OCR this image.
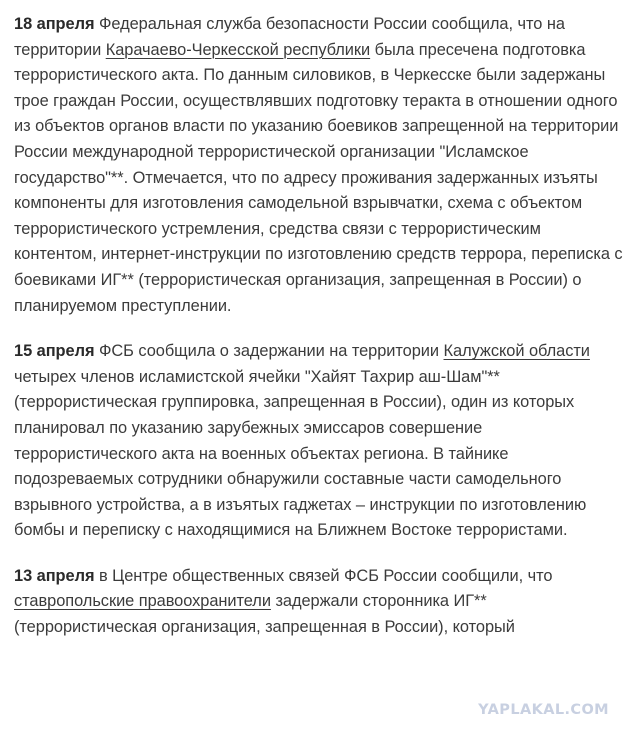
18 апреля Федеральная служба безопасности России сообщила, что на территории Карачаево-Черкесской республики была пресечена подготовка террористического акта. По данным силовиков, в Черкесске были задержаны трое граждан России, осуществлявших подготовку теракта в отношении одного из объектов органов власти по указанию боевиков запрещенной на территории России международной террористической организации "Исламское государство"**. Отмечается, что по адресу проживания задержанных изъяты компоненты для изготовления самодельной взрывчатки, схема с объектом террористического устремления, средства связи с террористическим контентом, интернет-инструкции по изготовлению средств террора, переписка с боевиками ИГ** (террористическая организация, запрещенная в России) о планируемом преступлении.

15 апреля ФСБ сообщила о задержании на территории Калужской области четырех членов исламистской ячейки "Хайят Тахрир аш-Шам"** (террористическая группировка, запрещенная в России), один из которых планировал по указанию зарубежных эмиссаров совершение террористического акта на военных объектах региона. В тайнике подозреваемых сотрудники обнаружили составные части самодельного взрывного устройства, а в изъятых гаджетах – инструкции по изготовлению бомбы и переписку с находящимися на Ближнем Востоке террористами.

13 апреля в Центре общественных связей ФСБ России сообщили, что ставропольские правоохранители задержали сторонника ИГ** (террористическая организация, запрещенная в России), который

YAPLAKAL.COM
